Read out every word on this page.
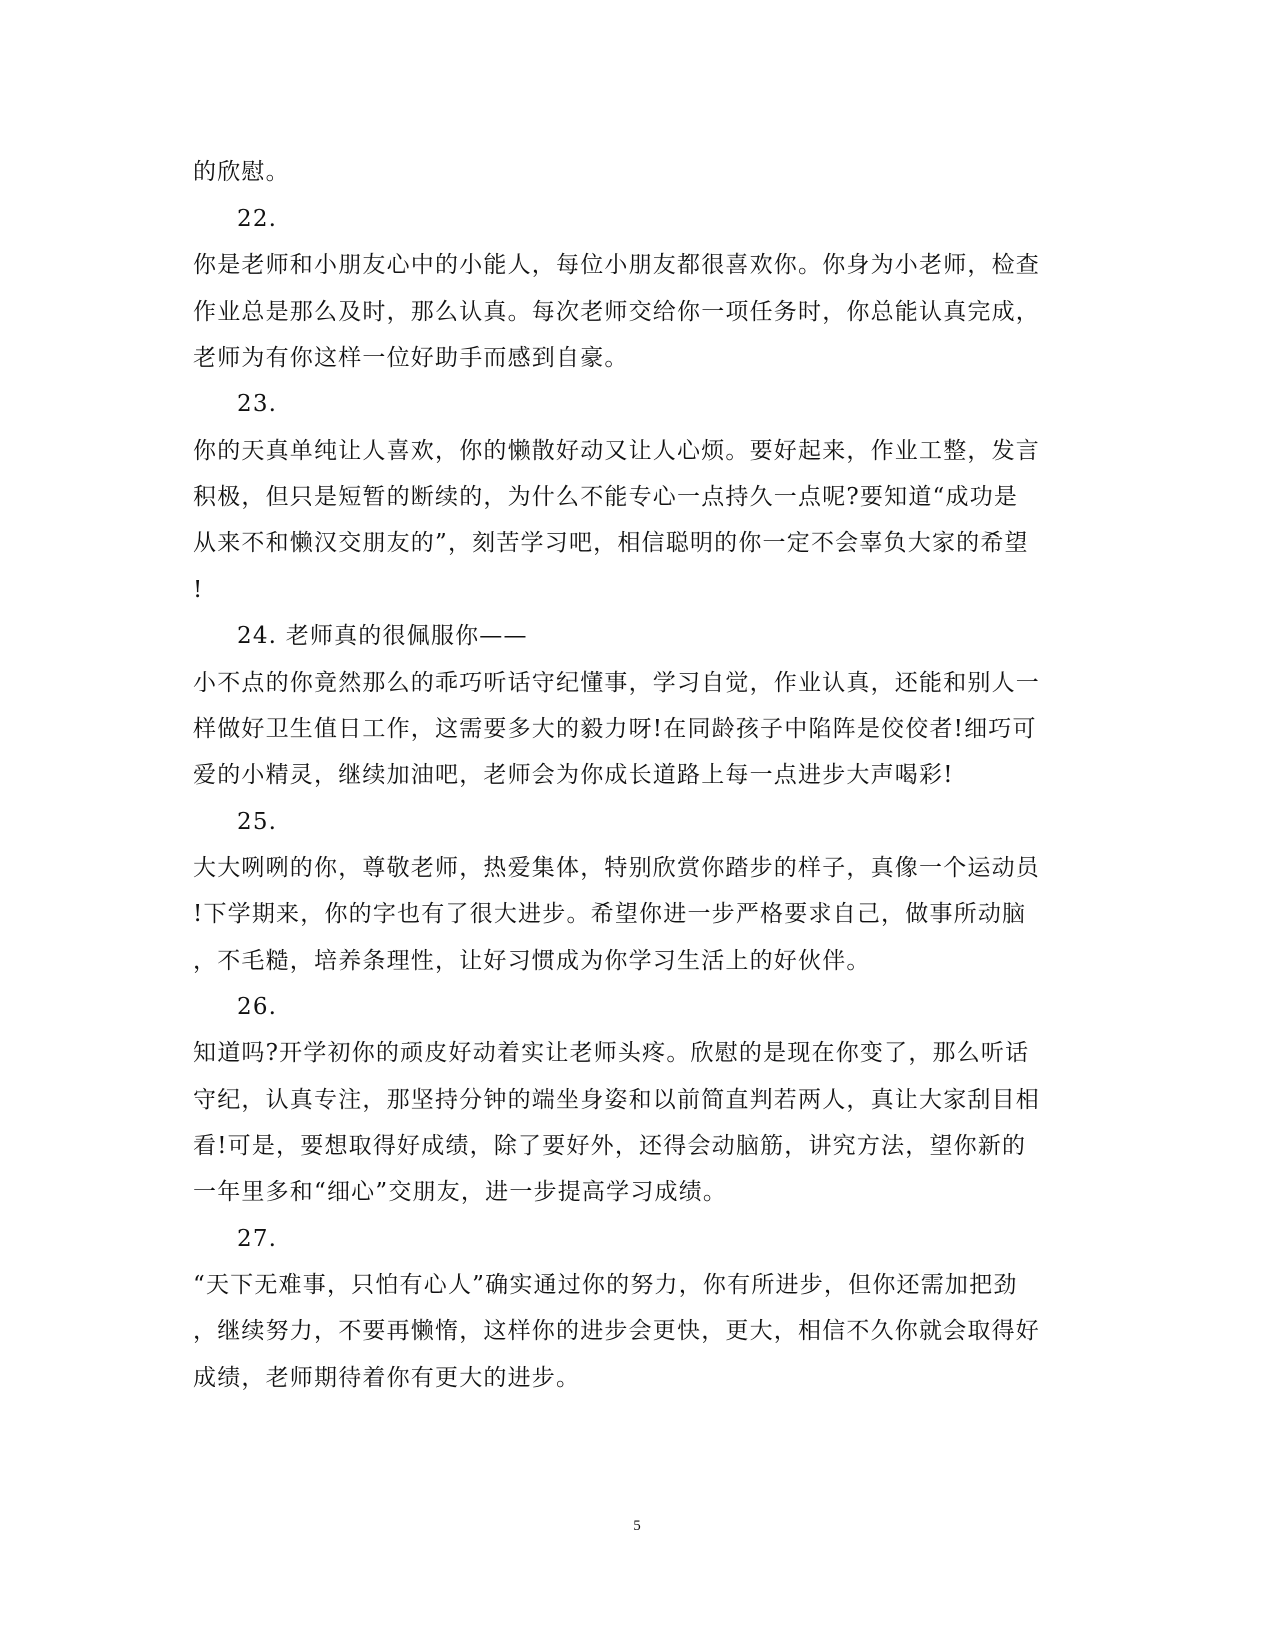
的欣慰。
22.
你是老师和小朋友心中的小能人，每位小朋友都很喜欢你。你身为小老师，检查
作业总是那么及时，那么认真。每次老师交给你一项任务时，你总能认真完成，
老师为有你这样一位好助手而感到自豪。
23.
你的天真单纯让人喜欢，你的懒散好动又让人心烦。要好起来，作业工整，发言
积极，但只是短暂的断续的，为什么不能专心一点持久一点呢?要知道“成功是
从来不和懒汉交朋友的”，刻苦学习吧，相信聪明的你一定不会辜负大家的希望
!
24. 老师真的很佩服你——
小不点的你竟然那么的乖巧听话守纪懂事，学习自觉，作业认真，还能和别人一
样做好卫生值日工作，这需要多大的毅力呀!在同龄孩子中陷阵是佼佼者!细巧可
爱的小精灵，继续加油吧，老师会为你成长道路上每一点进步大声喝彩!
25.
大大咧咧的你，尊敬老师，热爱集体，特别欣赏你踏步的样子，真像一个运动员
!下学期来，你的字也有了很大进步。希望你进一步严格要求自己，做事所动脑
，不毛糙，培养条理性，让好习惯成为你学习生活上的好伙伴。
26.
知道吗?开学初你的顽皮好动着实让老师头疼。欣慰的是现在你变了，那么听话
守纪，认真专注，那坚持分钟的端坐身姿和以前简直判若两人，真让大家刮目相
看!可是，要想取得好成绩，除了要好外，还得会动脑筋，讲究方法，望你新的
一年里多和“细心”交朋友，进一步提高学习成绩。
27.
“天下无难事，只怕有心人”确实通过你的努力，你有所进步，但你还需加把劲
，继续努力，不要再懒惰，这样你的进步会更快，更大，相信不久你就会取得好
成绩，老师期待着你有更大的进步。
5
